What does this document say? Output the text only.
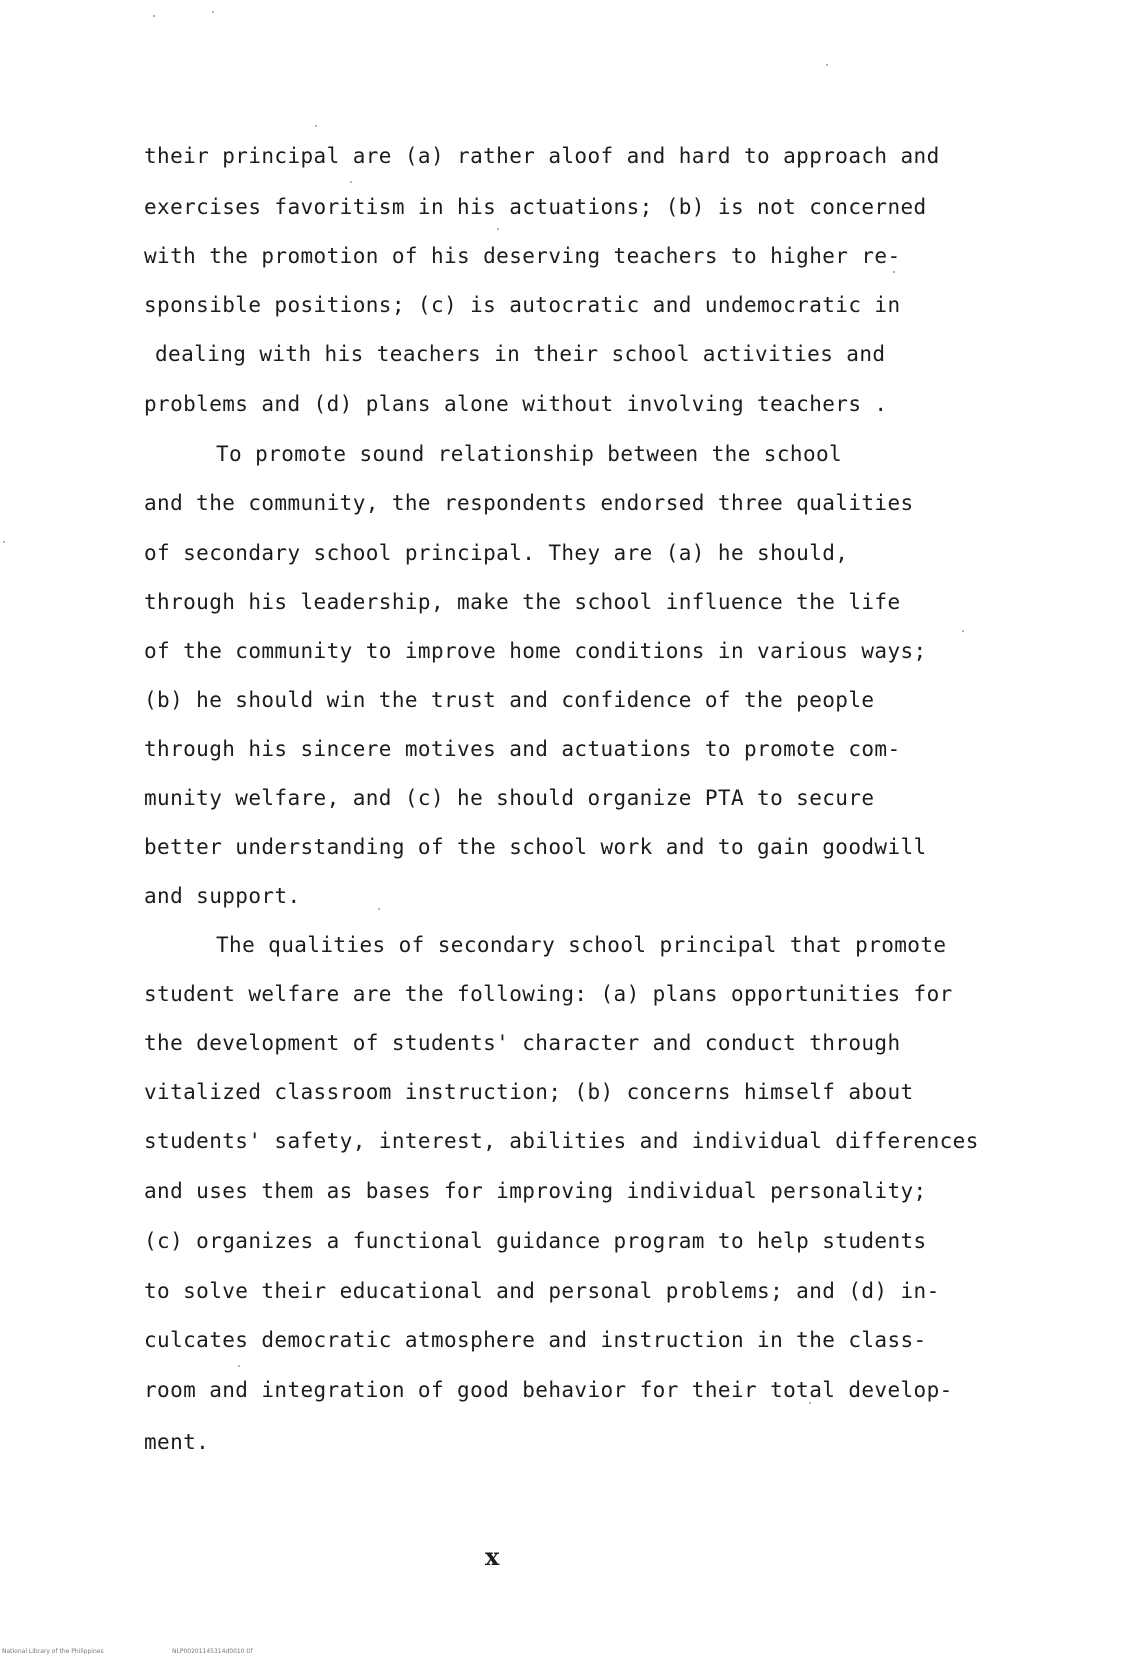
their principal are (a) rather aloof and hard to approach and
exercises favoritism in his actuations; (b) is not concerned
with the promotion of his deserving teachers to higher re-
sponsible positions; (c) is autocratic and undemocratic in
dealing with his teachers in their school activities and
problems and (d) plans alone without involving teachers .
To promote sound relationship between the school
and the community, the respondents endorsed three qualities
of secondary school principal. They are (a) he should,
through his leadership, make the school influence the life
of the community to improve home conditions in various ways;
(b) he should win the trust and confidence of the people
through his sincere motives and actuations to promote com-
munity welfare, and (c) he should organize PTA to secure
better understanding of the school work and to gain goodwill
and support.
The qualities of secondary school principal that promote
student welfare are the following: (a) plans opportunities for
the development of students' character and conduct through
vitalized classroom instruction; (b) concerns himself about
students' safety, interest, abilities and individual differences
and uses them as bases for improving individual personality;
(c) organizes a functional guidance program to help students
to solve their educational and personal problems; and (d) in-
culcates democratic atmosphere and instruction in the class-
room and integration of good behavior for their total develop-
ment.
x
National Library of the Philippines	NLP00201145314d0010 tif
